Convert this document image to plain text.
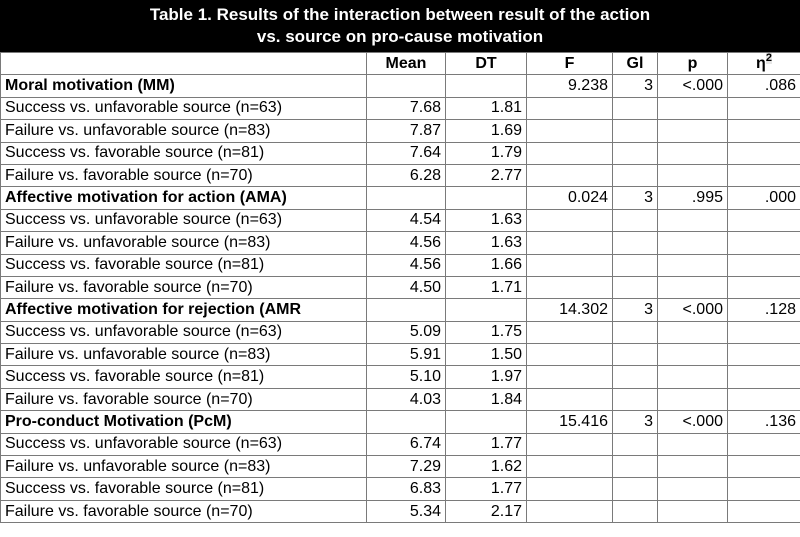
Table 1. Results of the interaction between result of the action
vs. source on pro-cause motivation
	Mean	DT	F	Gl	p	$\eta^2$
Moral motivation (MM)			9.238	3	<.000	.086
Success vs. unfavorable source (n=63)	7.68	1.81				
Failure vs. unfavorable source (n=83)	7.87	1.69				
Success vs. favorable source (n=81)	7.64	1.79				
Failure vs. favorable source (n=70)	6.28	2.77				
Affective motivation for action (AMA)			0.024	3	.995	.000
Success vs. unfavorable source (n=63)	4.54	1.63				
Failure vs. unfavorable source (n=83)	4.56	1.63				
Success vs. favorable source (n=81)	4.56	1.66				
Failure vs. favorable source (n=70)	4.50	1.71				
Affective motivation for rejection (AMR			14.302	3	<.000	.128
Success vs. unfavorable source (n=63)	5.09	1.75				
Failure vs. unfavorable source (n=83)	5.91	1.50				
Success vs. favorable source (n=81)	5.10	1.97				
Failure vs. favorable source (n=70)	4.03	1.84				
Pro-conduct Motivation (PcM)			15.416	3	<.000	.136
Success vs. unfavorable source (n=63)	6.74	1.77				
Failure vs. unfavorable source (n=83)	7.29	1.62				
Success vs. favorable source (n=81)	6.83	1.77				
Failure vs. favorable source (n=70)	5.34	2.17				
